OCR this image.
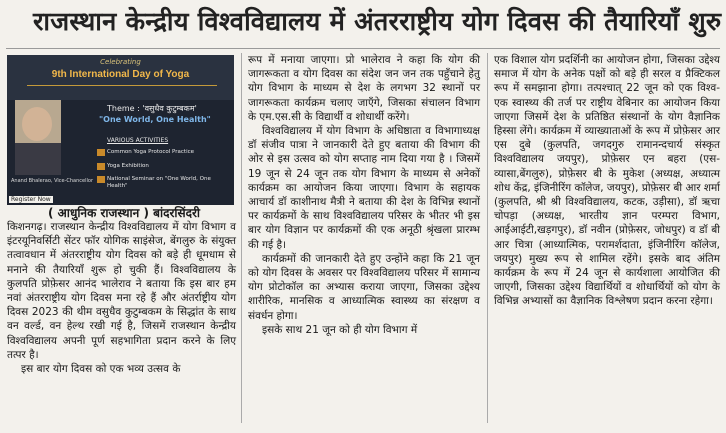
राजस्थान केन्द्रीय विश्वविद्यालय में अंतरराष्ट्रीय योग दिवस की तैयारियाँ शुरु
Celebrating
9th International Day of Yoga
Theme : 'वसुधैव कुटुम्बकम'
"One World, One Health"
VARIOUS ACTIVITIES
Common Yoga Protocol Practice
Yoga Exhibition
National Seminar on "One World, One Health"
Anand Bhalerao, Vice-Chancellor
Register Now

( आधुनिक राजस्थान ) बांदरसिंदरी

किशनगढ़। राजस्थान केन्द्रीय विश्वविद्यालय में योग विभाग व इंटरयूनिवर्सिटी सेंटर फॉर योगिक साइंसेज, बेंगलुरु के संयुक्त तत्वावधान में अंतरराष्ट्रीय योग दिवस को बड़े ही धूमधाम से मनाने की तैयारियाँ शुरू हो चुकी हैं। विश्वविद्यालय के कुलपति प्रोफ़ेसर आनंद भालेराव ने बताया कि इस बार हम नवां अंतरराष्ट्रीय योग दिवस मना रहे हैं और अंतर्राष्ट्रीय योग दिवस 2023 की थीम वसुधैव कुटुम्बकम के सिद्धांत के साथ वन वर्ल्ड, वन हेल्थ रखी गई है, जिसमें राजस्थान केन्द्रीय विश्वविद्यालय अपनी पूर्ण सहभागिता प्रदान करने के लिए तत्पर है।

इस बार योग दिवस को एक भव्य उत्सव के

रूप में मनाया जाएगा। प्रो भालेराव ने कहा कि योग की जागरूकता व योग दिवस का संदेश जन जन तक पहुँचाने हेतु योग विभाग के माध्यम से देश के लगभग 32 स्थानों पर जागरूकता कार्यक्रम चलाए जाएँगे, जिसका संचालन विभाग के एम.एस.सी के विद्यार्थी व शोधार्थी करेंगे।

विश्वविद्यालय में योग विभाग के अधिष्ठाता व विभागाध्यक्ष डॉ संजीव पात्रा ने जानकारी देते हुए बताया की विभाग की ओर से इस उत्सव को योग सप्ताह नाम दिया गया है । जिसमें 19 जून से 24 जून तक योग विभाग के माध्यम से अनेकों कार्यक्रम का आयोजन किया जाएगा। विभाग के सहायक आचार्य डॉ काशीनाथ मैत्री ने बताया की देश के विभिन्न स्थानों पर कार्यक्रमों के साथ विश्वविद्यालय परिसर के भीतर भी इस बार योग विज्ञान पर कार्यक्रमों की एक अनूठी श्रृंखला प्रारम्भ की गई है।

कार्यक्रमों की जानकारी देते हुए उन्होंने कहा कि 21 जून को योग दिवस के अवसर पर विश्वविद्यालय परिसर में सामान्य योग प्रोटोकॉल का अभ्यास कराया जाएगा, जिसका उद्देश्य शारीरिक, मानसिक व आध्यात्मिक स्वास्थ्य का संरक्षण व संवर्धन होगा।

इसके साथ 21 जून को ही योग विभाग में

एक विशाल योग प्रदर्शिनी का आयोजन होगा, जिसका उद्देश्य समाज में योग के अनेक पक्षों को बड़े ही सरल व प्रैक्टिकल रूप में समझाना होगा। तत्पश्चात् 22 जून को एक विश्व-एक स्वास्थ्य की तर्ज पर राष्ट्रीय वेबिनार का आयोजन किया जाएगा जिसमें देश के प्रतिष्ठित संस्थानों के योग वैज्ञानिक हिस्सा लेंगे। कार्यक्रम में व्याख्याताओं के रूप में प्रोफ़ेसर आर एस दुबे (कुलपति, जगदगुरु रामानन्दचार्य संस्कृत विश्वविद्यालय जयपुर), प्रोफ़ेसर एन बहरा (एस-व्यासा,बेंगलुरु), प्रोफ़ेसर बी के मुकेश (अध्यक्ष, अध्यात्म शोध केंद्र, इंजिनीरिंग कॉलेज, जयपुर), प्रोफ़ेसर बी आर शर्मा (कुलपति, श्री श्री विश्वविद्यालय, कटक, उड़ीसा), डॉ ऋचा चोपड़ा (अध्यक्ष, भारतीय ज्ञान परम्परा विभाग, आईआईटी,खड़गपुर), डॉ नवीन (प्रोफ़ेसर, जोधपुर) व डॉ बी आर चित्रा (आध्यात्मिक, परामर्शदाता, इंजिनीरिंग कॉलेज, जयपुर) मुख्य रूप से शामिल रहेंगे। इसके बाद अंतिम कार्यक्रम के रूप में 24 जून से कार्यशाला आयोजित की जाएगी, जिसका उद्देश्य विद्यार्थियों व शोधार्थियों को योग के विभिन्न अभ्यासों का वैज्ञानिक विश्लेषण प्रदान करना रहेगा।
